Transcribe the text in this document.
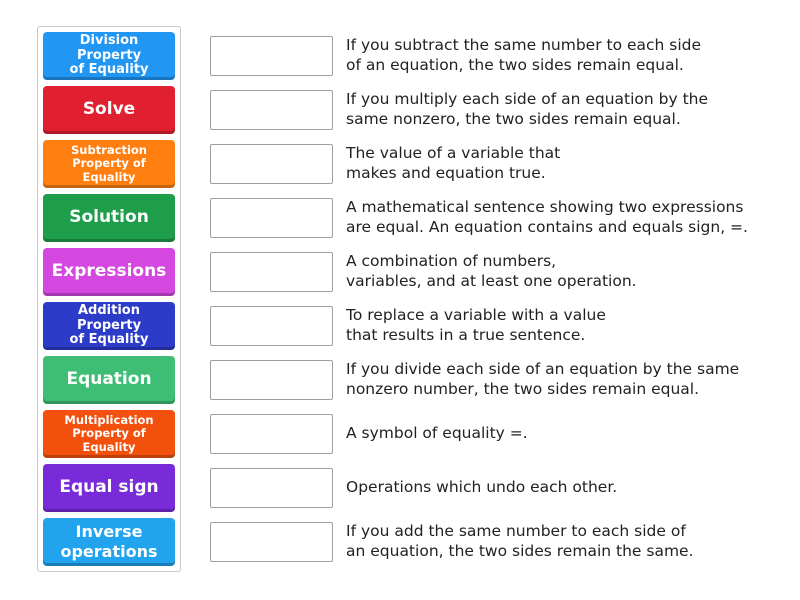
Division Property
of Equality
Solve
Subtraction
Property of Equality
Solution
Expressions
Addition Property
of Equality
Equation
Multiplication
Property of Equality
Equal sign
Inverse
operations
If you subtract the same number to each side
of an equation, the two sides remain equal.
If you multiply each side of an equation by the
same nonzero, the two sides remain equal.
The value of a variable that
makes and equation true.
A mathematical sentence showing two expressions
are equal. An equation contains and equals sign, =.
A combination of numbers,
variables, and at least one operation.
To replace a variable with a value
that results in a true sentence.
If you divide each side of an equation by the same
nonzero number, the two sides remain equal.
A symbol of equality =.
Operations which undo each other.
If you add the same number to each side of
an equation, the two sides remain the same.
